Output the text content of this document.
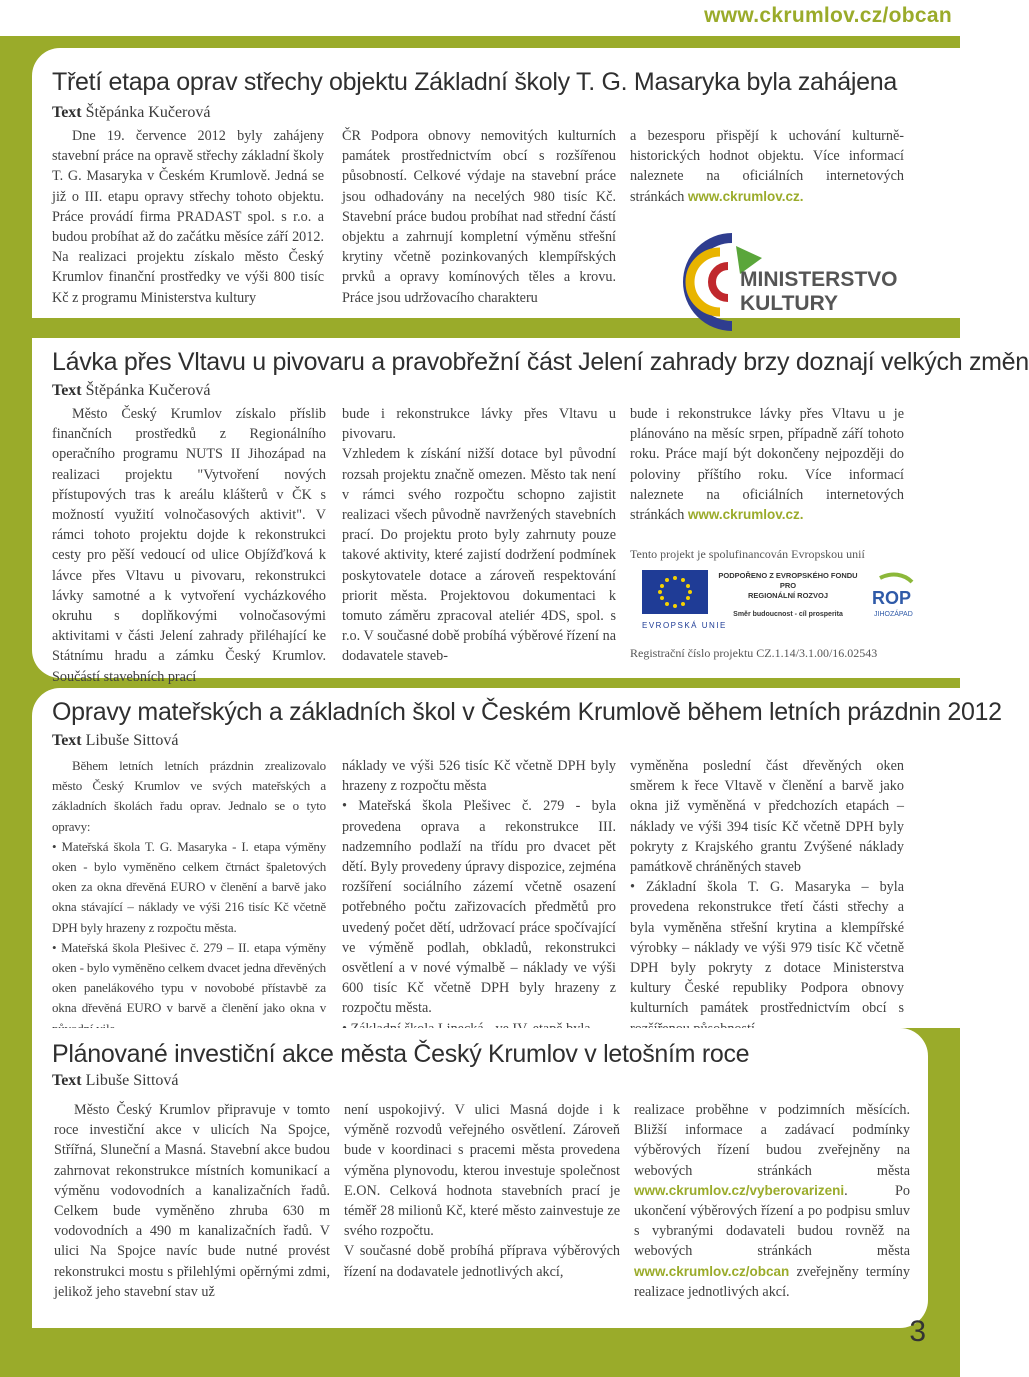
www.ckrumlov.cz/obcan
Třetí etapa oprav střechy objektu Základní školy T. G. Masaryka byla zahájena
Text Štěpánka Kučerová

Dne 19. července 2012 byly zahájeny stavební práce na opravě střechy základní školy T. G. Masaryka v Českém Krumlově. Jedná se již o III. etapu opravy střechy tohoto objektu. Práce provádí firma PRADAST spol. s r.o. a budou probíhat až do začátku měsíce září 2012. Na realizaci projektu získalo město Český Krumlov finanční prostředky ve výši 800 tisíc Kč z programu Ministerstva kultury

ČR Podpora obnovy nemovitých kulturních památek prostřednictvím obcí s rozšířenou působností. Celkové výdaje na stavební práce jsou odhadovány na necelých 980 tisíc Kč. Stavební práce budou probíhat nad střední částí objektu a zahrnují kompletní výměnu střešní krytiny včetně pozinkovaných klempířských prvků a opravy komínových těles a krovu. Práce jsou udržovacího charakteru

a bezesporu přispějí k uchování kulturně-historických hodnot objektu. Více informací naleznete na oficiálních internetových stránkách www.ckrumlov.cz.

MINISTERSTVO
KULTURY
Lávka přes Vltavu u pivovaru a pravobřežní část Jelení zahrady brzy doznají velkých změn
Text Štěpánka Kučerová

Město Český Krumlov získalo příslib finančních prostředků z Regionálního operačního programu NUTS II Jihozápad na realizaci projektu "Vytvoření nových přístupových tras k areálu klášterů v ČK s možností využití volnočasových aktivit". V rámci tohoto projektu dojde k rekonstrukci cesty pro pěší vedoucí od ulice Objížďková k lávce přes Vltavu u pivovaru, rekonstrukci lávky samotné a k vytvoření vycházkového okruhu s doplňkovými volnočasovými aktivitami v části Jelení zahrady přiléhající ke Státnímu hradu a zámku Český Krumlov. Součástí stavebních prací

bude i rekonstrukce lávky přes Vltavu u pivovaru.

Vzhledem k získání nižší dotace byl původní rozsah projektu značně omezen. Město tak není v rámci svého rozpočtu schopno zajistit realizaci všech původně navržených stavebních prací. Do projektu proto byly zahrnuty pouze takové aktivity, které zajistí dodržení podmínek poskytovatele dotace a zároveň respektování priorit města. Projektovou dokumentaci k tomuto záměru zpracoval ateliér 4DS, spol. s r.o. V současné době probíhá výběrové řízení na dodavatele staveb-

bude i rekonstrukce lávky přes Vltavu u je plánováno na měsíc srpen, případně září tohoto roku. Práce mají být dokončeny nejpozději do poloviny příštího roku. Více informací naleznete na oficiálních internetových stránkách www.ckrumlov.cz.

Tento projekt je spolufinancován Evropskou unií
EVROPSKÁ UNIE
PODPOŘENO Z EVROPSKÉHO FONDU
PRO
REGIONÁLNÍ ROZVOJ
Směr budoucnost - cíl prosperita
ROP
JIHOZÁPAD
Registrační číslo projektu CZ.1.14/3.1.00/16.02543
Opravy mateřských a základních škol v Českém Krumlově během letních prázdnin 2012
Text Libuše Sittová

Během letních letních prázdnin zrealizovalo město Český Krumlov ve svých mateřských a základních školách řadu oprav. Jednalo se o tyto opravy:

• Mateřská škola T. G. Masaryka - I. etapa výměny oken - bylo vyměněno celkem čtrnáct špaletových oken za okna dřevěná EURO v členění a barvě jako okna stávající – náklady ve výši 216 tisíc Kč včetně DPH byly hrazeny z rozpočtu města.

• Mateřská škola Plešivec č. 279 – II. etapa výměny oken - bylo vyměněno celkem dvacet jedna dřevěných oken panelákového typu v novobobé přístavbě za okna dřevěná EURO v barvě a členění jako okna v

náklady ve výši 526 tisíc Kč včetně DPH byly hrazeny z rozpočtu města
• Mateřská škola Plešivec č. 279 - byla provedena oprava a rekonstrukce III. nadzemního podlaží na třídu pro dvacet pět dětí. Byly provedeny úpravy dispozice, zejména rozšíření sociálního zázemí včetně osazení potřebného počtu zařizovacích předmětů pro uvedený počet dětí, udržovací práce spočívající ve výměně podlah, obkladů, rekonstrukci osvětlení a v nové výmalbě – náklady ve výši 600 tisíc Kč včetně DPH byly hrazeny z rozpočtu města.

vyměněna poslední část dřevěných oken směrem k řece Vltavě v členění a barvě jako okna již vyměněná v předchozích etapách – náklady ve výši 394 tisíc Kč včetně DPH byly pokryty z Krajského grantu Zvýšené náklady památkově chráněných staveb
• Základní škola T. G. Masaryka – byla provedena rekonstrukce třetí části střechy a byla vyměněna střešní krytina a klempířské výrobky – náklady ve výši 979 tisíc Kč včetně DPH byly pokryty z dotace Ministerstva kultury České republiky Podpora obnovy kulturních památek prostřednictvím obcí s

Plánované investiční akce města Český Krumlov v letošním roce
Text Libuše Sittová

Město Český Krumlov připravuje v tomto roce investiční akce v ulicích Na Spojce, Střířná, Sluneční a Masná. Stavební akce budou zahrnovat rekonstrukce místních komunikací a výměnu vodovodních a kanalizačních řadů. Celkem bude vyměněno zhruba 630 m vodovodních a 490 m kanalizačních řadů. V ulici Na Spojce navíc bude nutné provést rekonstrukci mostu s přilehlými opěrnými zdmi, jelikož jeho stavební stav už

není uspokojivý. V ulici Masná dojde i k výměně rozvodů veřejného osvětlení. Zároveň bude v koordinaci s pracemi města provedena výměna plynovodu, kterou investuje společnost E.ON. Celková hodnota stavebních prací je téměř 28 milionů Kč, které město zainvestuje ze svého rozpočtu.

V současné době probíhá příprava výběrových řízení na dodavatele jednotlivých akcí,

realizace proběhne v podzimních měsících. Bližší informace a zadávací podmínky výběrových řízení budou zveřejněny na webových stránkách města www.ckrumlov.cz/vyberovarizeni. Po ukončení výběrových řízení a po podpisu smluv s vybranými dodavateli budou rovněž na webových stránkách města www.ckrumlov.cz/obcan zveřejněny termíny realizace jednotlivých akcí.

3
